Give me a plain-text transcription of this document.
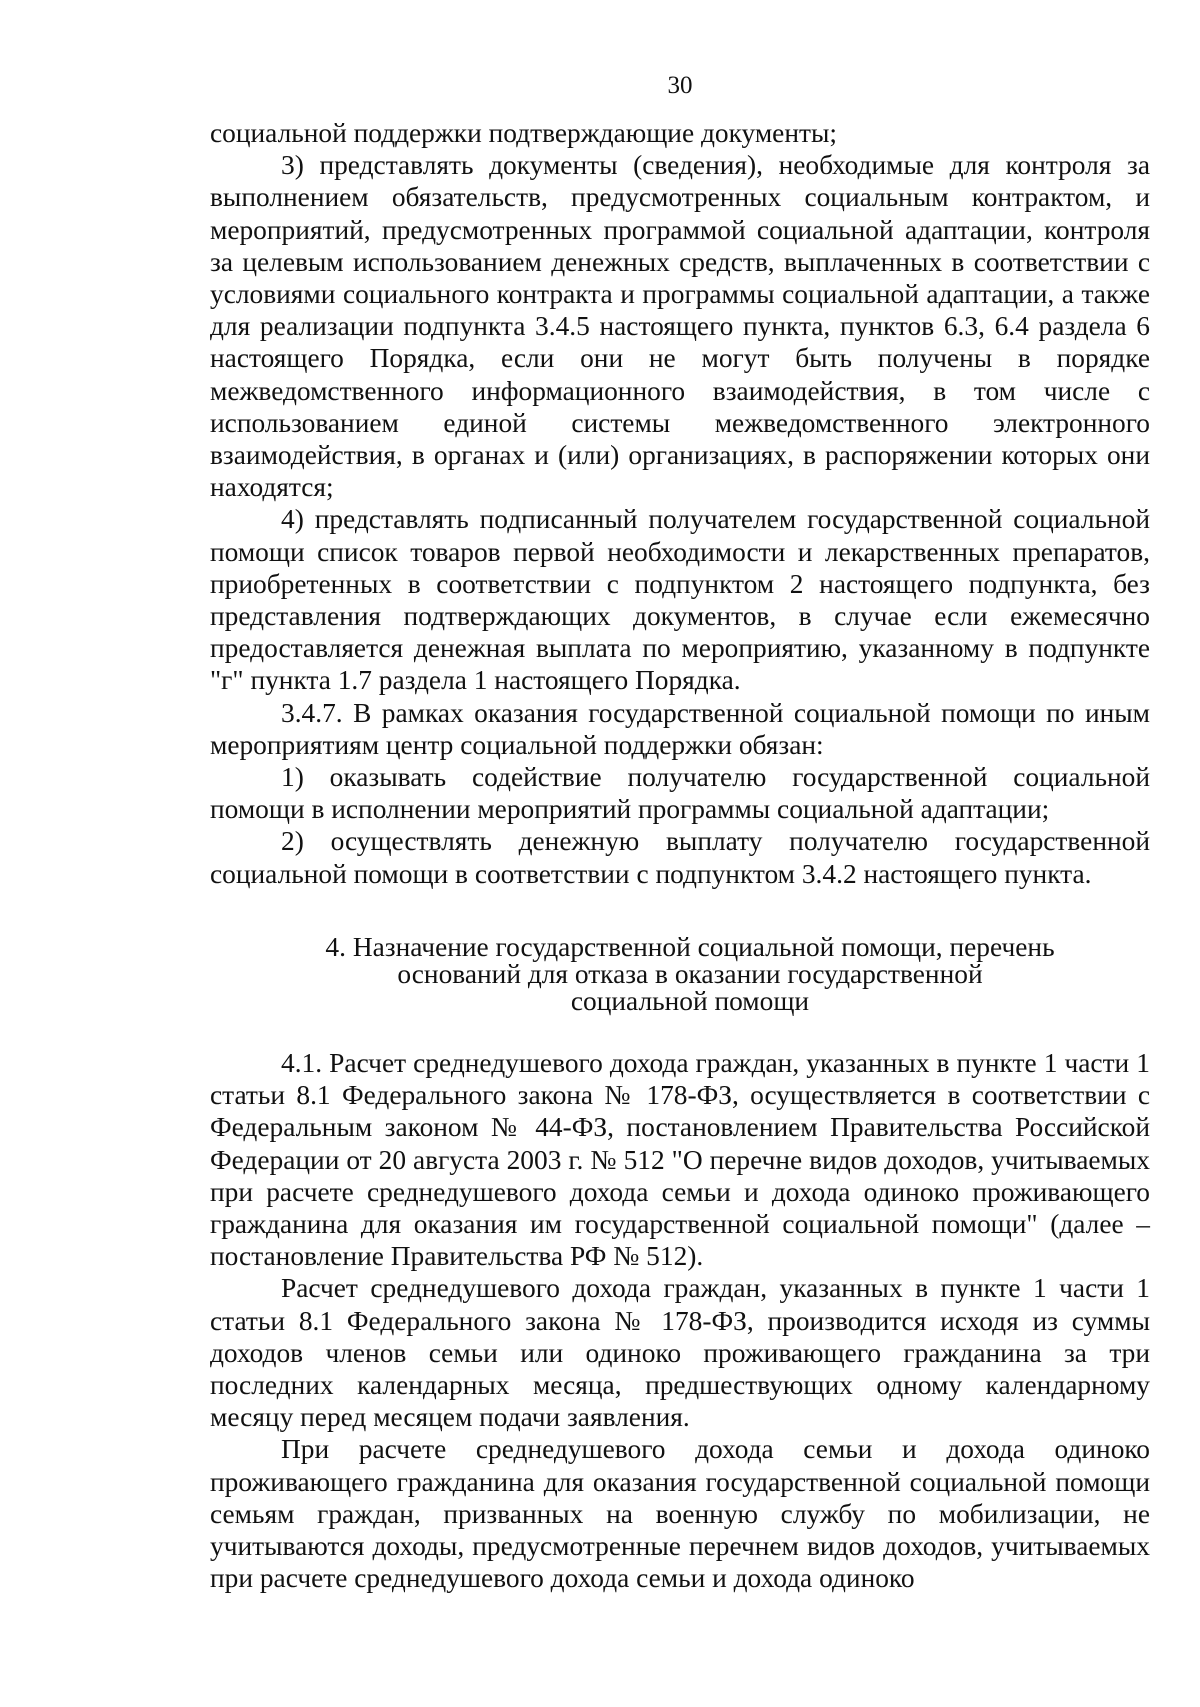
30

социальной поддержки подтверждающие документы;

3) представлять документы (сведения), необходимые для контроля за выполнением обязательств, предусмотренных социальным контрактом, и мероприятий, предусмотренных программой социальной адаптации, контроля за целевым использованием денежных средств, выплаченных в соответствии с условиями социального контракта и программы социальной адаптации, а также для реализации подпункта 3.4.5 настоящего пункта, пунктов 6.3, 6.4 раздела 6 настоящего Порядка, если они не могут быть получены в порядке межведомственного информационного взаимодействия, в том числе с использованием единой системы межведомственного электронного взаимодействия, в органах и (или) организациях, в распоряжении которых они находятся;

4) представлять подписанный получателем государственной социальной помощи список товаров первой необходимости и лекарственных препаратов, приобретенных в соответствии с подпунктом 2 настоящего подпункта, без представления подтверждающих документов, в случае если ежемесячно предоставляется денежная выплата по мероприятию, указанному в подпункте "г" пункта 1.7 раздела 1 настоящего Порядка.

3.4.7. В рамках оказания государственной социальной помощи по иным мероприятиям центр социальной поддержки обязан:

1) оказывать содействие получателю государственной социальной помощи в исполнении мероприятий программы социальной адаптации;

2) осуществлять денежную выплату получателю государственной социальной помощи в соответствии с подпунктом 3.4.2 настоящего пункта.

4. Назначение государственной социальной помощи, перечень
оснований для отказа в оказании государственной
социальной помощи

4.1. Расчет среднедушевого дохода граждан, указанных в пункте 1 части 1 статьи 8.1 Федерального закона № 178-ФЗ, осуществляется в соответствии с Федеральным законом № 44-ФЗ, постановлением Правительства Российской Федерации от 20 августа 2003 г. № 512 "О перечне видов доходов, учитываемых при расчете среднедушевого дохода семьи и дохода одиноко проживающего гражданина для оказания им государственной социальной помощи" (далее – постановление Правительства РФ № 512).

Расчет среднедушевого дохода граждан, указанных в пункте 1 части 1 статьи 8.1 Федерального закона № 178-ФЗ, производится исходя из суммы доходов членов семьи или одиноко проживающего гражданина за три последних календарных месяца, предшествующих одному календарному месяцу перед месяцем подачи заявления.

При расчете среднедушевого дохода семьи и дохода одиноко проживающего гражданина для оказания государственной социальной помощи семьям граждан, призванных на военную службу по мобилизации, не учитываются доходы, предусмотренные перечнем видов доходов, учитываемых при расчете среднедушевого дохода семьи и дохода одиноко
